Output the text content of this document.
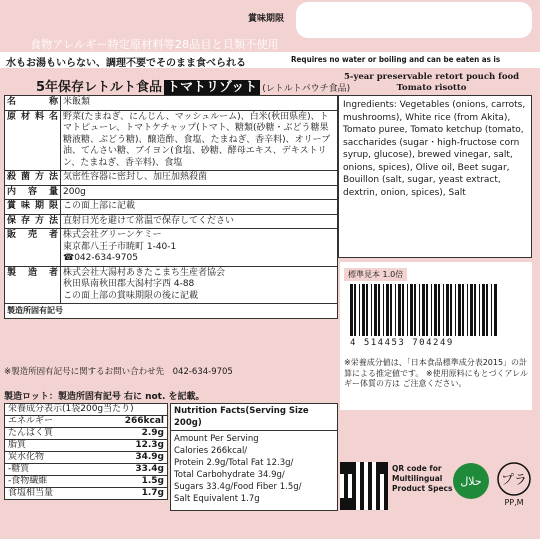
賞味期限
食物アレルギー特定原材料等28品目と貝類不使用
水もお湯もいらない、調理不要でそのまま食べられる	Requires no water or boiling and can be eaten as is
5年保存レトルト食品 トマトリゾット (レトルトパウチ食品)
5-year preservable retort pouch food
Tomato risotto
名　称	米飯類
原材料名	野菜(たまねぎ、にんじん、マッシュルーム)、白米(秋田県産)、トマトピューレ、トマトケチャップ(トマト、糖類(砂糖・ぶどう糖果糖液糖、ぶどう糖)、醸造酢、食塩、たまねぎ、香辛料)、オリーブ油、てんさい糖、ブイヨン(食塩、砂糖、酵母エキス、デキストリン、たまねぎ、香辛料)、食塩
殺菌方法	気密性容器に密封し、加圧加熱殺菌
内容量	200g
賞味期限	この面上部に記載
保存方法	直射日光を避けて常温で保存してください
販売者	株式会社グリーンケミー
東京都八王子市暁町 1-40-1
☎042-634-9705
製造者	株式会社大湯村あきたこまち生産者協会
秋田県南秋田郡大潟村字西 4-88
この面上部の賞味期限の後に記載
製造所固有記号	
Ingredients: Vegetables (onions, carrots, mushrooms), White rice (from Akita), Tomato puree, Tomato ketchup (tomato, saccharides (sugar・high-fructose corn syrup, glucose), brewed vinegar, salt, onions, spices), Olive oil, Beet sugar, Bouillon (salt, sugar, yeast extract, dextrin, onion, spices), Salt
標準見本 1.0倍
4 514453 704249
※栄養成分値は、「日本食品標準成分表2015」の計算による推定値です。 ※使用原料にもとづくアレルギー体質の方は ご注意ください。
※製造所固有記号に関するお問い合わせ先　042-634-9705
製造ロット：製造所固有記号 右に not. を記載。
栄養成分表示(1袋200g当たり)	
エネルギー	266kcal
たんぱく質	2.9g
脂質	12.3g
炭水化物	34.9g
-糖質	33.4g
-食物繊維	1.5g
食塩相当量	1.7g
Nutrition Facts(Serving Size 200g)
Amount Per Serving
Calories 266kcal/
Protein 2.9g/Total Fat 12.3g/
Total Carbohydrate 34.9g/
Sugars 33.4g/Food Fiber 1.5g/
Salt Equivalent 1.7g
QR code for
Multilingual
Product Specs
حلال プラ
PP,M
